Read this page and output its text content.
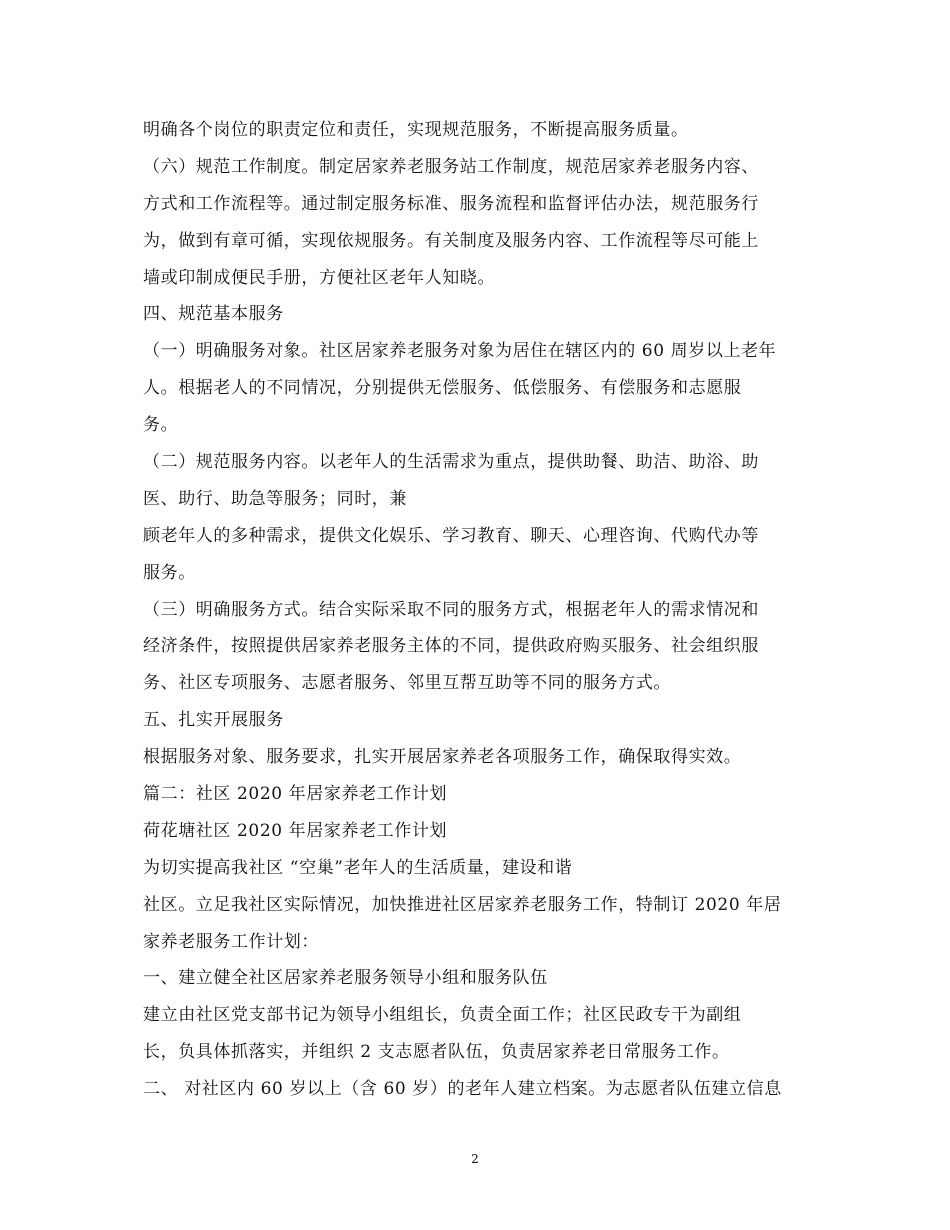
明确各个岗位的职责定位和责任，实现规范服务，不断提高服务质量。
（六）规范工作制度。制定居家养老服务站工作制度，规范居家养老服务内容、
方式和工作流程等。通过制定服务标准、服务流程和监督评估办法，规范服务行
为，做到有章可循，实现依规服务。有关制度及服务内容、工作流程等尽可能上
墙或印制成便民手册，方便社区老年人知晓。
四、规范基本服务
（一）明确服务对象。社区居家养老服务对象为居住在辖区内的 60 周岁以上老年
人。根据老人的不同情况，分别提供无偿服务、低偿服务、有偿服务和志愿服
务。
（二）规范服务内容。以老年人的生活需求为重点，提供助餐、助洁、助浴、助
医、助行、助急等服务；同时，兼
顾老年人的多种需求，提供文化娱乐、学习教育、聊天、心理咨询、代购代办等
服务。
（三）明确服务方式。结合实际采取不同的服务方式，根据老年人的需求情况和
经济条件，按照提供居家养老服务主体的不同，提供政府购买服务、社会组织服
务、社区专项服务、志愿者服务、邻里互帮互助等不同的服务方式。
五、扎实开展服务
根据服务对象、服务要求，扎实开展居家养老各项服务工作，确保取得实效。
篇二：社区 2020 年居家养老工作计划
荷花塘社区 2020 年居家养老工作计划
为切实提高我社区 “空巢”老年人的生活质量，建设和谐
社区。立足我社区实际情况，加快推进社区居家养老服务工作，特制订 2020 年居
家养老服务工作计划：
一、建立健全社区居家养老服务领导小组和服务队伍
建立由社区党支部书记为领导小组组长，负责全面工作；社区民政专干为副组
长，负具体抓落实，并组织 2 支志愿者队伍，负责居家养老日常服务工作。
二、 对社区内 60 岁以上（含 60 岁）的老年人建立档案。为志愿者队伍建立信息
2
